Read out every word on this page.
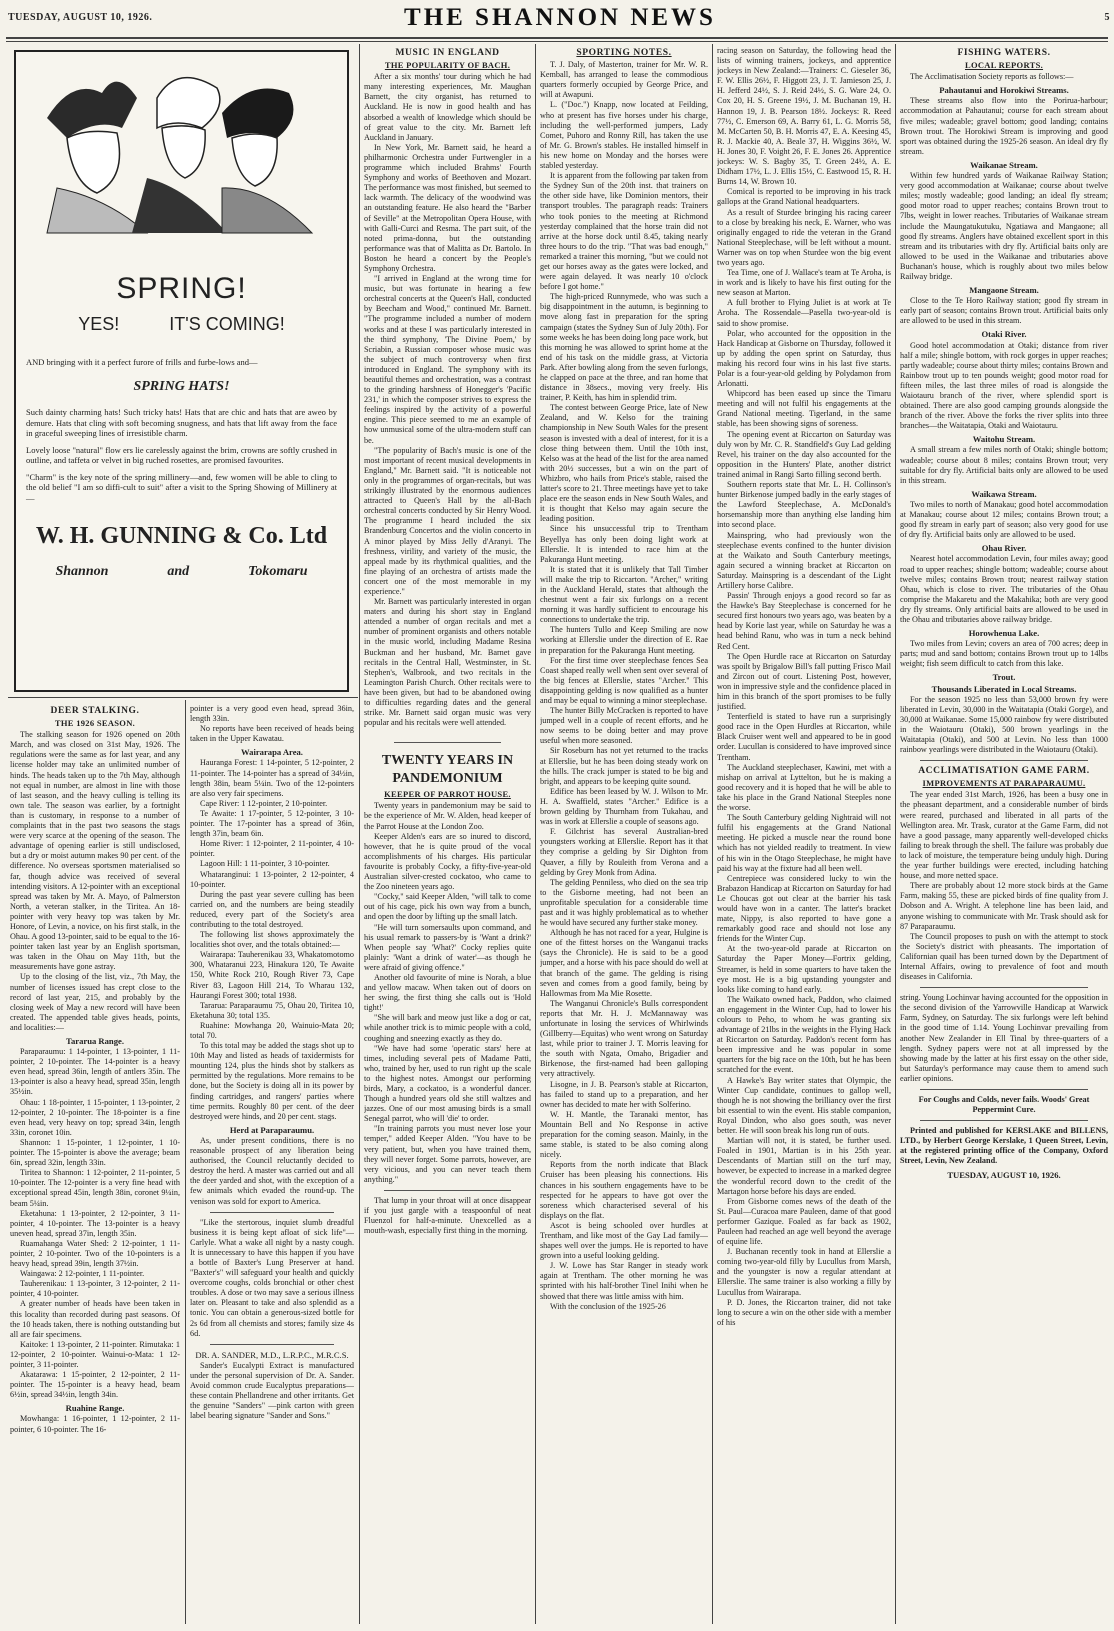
TUESDAY, AUGUST 10, 1926.	THE SHANNON NEWS	5
SPRING!
YES!	IT'S COMING!
AND bringing with it a perfect furore of frills and furbe-lows and—
SPRING HATS!
Such dainty charming hats! Such tricky hats! Hats that are chic and hats that are aweo by demure. Hats that cling with soft becoming snugness, and hats that lift away from the face in graceful sweeping lines of irresistible charm.
Lovely loose "natural" flow ers lie carelessly against the brim, crowns are softly crushed in outline, and taffeta or velvet in big ruched rosettes, are promised favourites.
"Charm" is the key note of the spring millinery—and, few women will be able to cling to the old belief "I am so diffi-cult to suit" after a visit to the Spring Showing of Millinery at—
W. H. GUNNING & Co. Ltd
Shannon	and	Tokomaru
DEER STALKING.
THE 1926 SEASON.

The stalking season for 1926 opened on 20th March, and was closed on 31st May, 1926. The regulations were the same as for last year, and any license holder may take an unlimited number of hinds. The heads taken up to the 7th May, although not equal in number, are almost in line with those of last season, and the heavy culling is telling its own tale. The season was earlier, by a fortnight than is customary, in response to a number of complaints that in the past two seasons the stags were very scarce at the opening of the season. The advantage of opening earlier is still undisclosed, but a dry or moist autumn makes 90 per cent. of the difference. No overseas sportsmen materialised so far, though advice was received of several intending visitors. A 12-pointer with an exceptional spread was taken by Mr. A. Mayo, of Palmerston North, a veteran stalker, in the Tiritea. An 18-pointer with very heavy top was taken by Mr. Honore, of Levin, a novice, on his first stalk, in the Ohau. A good 13-pointer, said to be equal to the 16-pointer taken last year by an English sportsman, was taken in the Ohau on May 11th, but the measurements have gone astray.

Up to the closing of the list, viz., 7th May, the number of licenses issued has crept close to the record of last year, 215, and probably by the closing week of May a new record will have been created. The appended table gives heads, points, and localities:—

Tararua Range.

Paraparaumu: 1 14-pointer, 1 13-pointer, 1 11-pointer, 2 10-pointer. The 14-pointer is a heavy even head, spread 36in, length of antlers 35in. The 13-pointer is also a heavy head, spread 35in, length 35½in.

Ohau: 1 18-pointer, 1 15-pointer, 1 13-pointer, 2 12-pointer, 2 10-pointer. The 18-pointer is a fine even head, very heavy on top; spread 34in, length 33in, coronet 10in.

Shannon: 1 15-pointer, 1 12-pointer, 1 10-pointer. The 15-pointer is above the average; beam 6in, spread 32in, length 33in.

Tiritea to Shannon: 1 12-pointer, 2 11-pointer, 5 10-pointer. The 12-pointer is a very fine head with exceptional spread 45in, length 38in, coronet 9¼in, beam 5¼in.

Eketahuna: 1 13-pointer, 2 12-pointer, 3 11-pointer, 4 10-pointer. The 13-pointer is a heavy uneven head, spread 37in, length 35in.

Ruamahanga Water Shed: 2 12-pointer, 1 11-pointer, 2 10-pointer. Two of the 10-pointers is a heavy head, spread 39in, length 37½in.

Waingawa: 2 12-pointer, 1 11-pointer.

Tauherenikau: 1 13-pointer, 3 12-pointer, 2 11-pointer, 4 10-pointer.

A greater number of heads have been taken in this locality than recorded during past seasons. Of the 10 heads taken, there is nothing outstanding but all are fair specimens.

Kaitoke: 1 13-pointer, 2 11-pointer. Rimutaka: 1 12-pointer, 2 10-pointer. Wainui-o-Mata: 1 12-pointer, 3 11-pointer.

Akatarawa: 1 15-pointer, 2 12-pointer, 2 11-pointer. The 15-pointer is a heavy head, beam 6½in, spread 34½in, length 34in.

Ruahine Range.

Mowhanga: 1 16-pointer, 1 12-pointer, 2 11-pointer, 6 10-pointer. The 16-

pointer is a very good even head, spread 36in, length 33in.

No reports have been received of heads being taken in the Upper Kawatau.

Wairarapa Area.

Hauranga Forest: 1 14-pointer, 5 12-pointer, 2 11-pointer. The 14-pointer has a spread of 34½in, length 38in, beam 5¼in. Two of the 12-pointers are also very fair specimens.

Cape River: 1 12-pointer, 2 10-pointer.

Te Awaite: 1 17-pointer, 5 12-pointer, 3 10-pointer. The 17-pointer has a spread of 36in, length 37in, beam 6in.

Home River: 1 12-pointer, 2 11-pointer, 4 10-pointer.

Lagoon Hill: 1 11-pointer, 3 10-pointer.

Whataranginui: 1 13-pointer, 2 12-pointer, 4 10-pointer.

During the past year severe culling has been carried on, and the numbers are being steadily reduced, every part of the Society's area contributing to the total destroyed.

The following list shows approximately the localities shot over, and the totals obtained:—

Wairarapa: Tauherenikau 33, Whakatomotomo 300, Whataranui 223, Hinakura 120, Te Awaite 150, White Rock 210, Rough River 73, Cape River 83, Lagoon Hill 214, To Wharau 132, Haurangi Forest 300; total 1938.

Tararua: Paraparaumu 75, Ohau 20, Tiritea 10, Eketahuna 30; total 135.

Ruahine: Mowhanga 20, Wainuio-Mata 20; total 70.

To this total may be added the stags shot up to 10th May and listed as heads of taxidermists for mounting 124, plus the hinds shot by stalkers as permitted by the regulations. More remains to be done, but the Society is doing all in its power by finding cartridges, and rangers' parties where time permits. Roughly 80 per cent. of the deer destroyed were hinds, and 20 per cent. stags.

Herd at Paraparaumu.

As, under present conditions, there is no reasonable prospect of any liberation being authorised, the Council reluctantly decided to destroy the herd. A master was carried out and all the deer yarded and shot, with the exception of a few animals which evaded the round-up. The venison was sold for export to America.

"Like the stertorous, inquiet slumb dreadful business it is being kept afloat of sick life"—Carlyle. What a wake all night by a nasty cough. It is unnecessary to have this happen if you have a bottle of Baxter's Lung Preserver at hand. "Baxter's" will safeguard your health and quickly overcome coughs, colds bronchial or other chest troubles. A dose or two may save a serious illness later on. Pleasant to take and also splendid as a tonic. You can obtain a generous-sized bottle for 2s 6d from all chemists and stores; family size 4s 6d.

DR. A. SANDER, M.D., L.R.P.C., M.R.C.S.

Sander's Eucalypti Extract is manufactured under the personal supervision of Dr. A. Sander. Avoid common crude Eucalyptus preparations—these contain Phellandrene and other irritants. Get the genuine "Sanders" —pink carton with green label bearing signature "Sander and Sons."

MUSIC IN ENGLAND
THE POPULARITY OF BACH.

After a six months' tour during which he had many interesting experiences, Mr. Maughan Barnett, the city organist, has returned to Auckland. He is now in good health and has absorbed a wealth of knowledge which should be of great value to the city. Mr. Barnett left Auckland in January.

In New York, Mr. Barnett said, he heard a philharmonic Orchestra under Furtwengler in a programme which included Brahms' Fourth Symphony and works of Beethoven and Mozart. The performance was most finished, but seemed to lack warmth. The delicacy of the woodwind was an outstanding feature. He also heard the "Barber of Seville" at the Metropolitan Opera House, with with Galli-Curci and Resma. The part suit, of the noted prima-donna, but the outstanding performance was that of Malitta as Dr. Bartolo. In Boston he heard a concert by the People's Symphony Orchestra.

"I arrived in England at the wrong time for music, but was fortunate in hearing a few orchestral concerts at the Queen's Hall, conducted by Beecham and Wood," continued Mr. Barnett. "The programme included a number of modern works and at these I was particularly interested in the third symphony, 'The Divine Poem,' by Scriabin, a Russian composer whose music was the subject of much controversy when first introduced in England. The symphony with its beautiful themes and orchestration, was a contrast to the grinding harshness of Honegger's 'Pacific 231,' in which the composer strives to express the feelings inspired by the activity of a powerful engine. This piece seemed to me an example of how unmusical some of the ultra-modern stuff can be.

"The popularity of Bach's music is one of the most important of recent musical developments in England," Mr. Barnett said. "It is noticeable not only in the programmes of organ-recitals, but was strikingly illustrated by the enormous audiences attracted to Queen's Hall by the all-Bach orchestral concerts conducted by Sir Henry Wood. The programme I heard included the six Brandenburg Concertos and the violin concerto in A minor played by Miss Jelly d'Aranyi. The freshness, virility, and variety of the music, the appeal made by its rhythmical qualities, and the fine playing of an orchestra of artists made the concert one of the most memorable in my experience."

Mr. Barnett was particularly interested in organ maters and during his short stay in England attended a number of organ recitals and met a number of prominent organists and others notable in the music world, including Madame Resina Buckman and her husband, Mr. Barnet gave recitals in the Central Hall, Westminster, in St. Stephen's, Walbrook, and two recitals in the Leamington Parish Church. Other recitals were to have been given, but had to be abandoned owing to difficulties regarding dates and the general strike. Mr. Barnett said organ music was very popular and his recitals were well attended.

TWENTY YEARS IN
PANDEMONIUM
KEEPER OF PARROT HOUSE.

Twenty years in pandemonium may be said to be the experience of Mr. W. Alden, head keeper of the Parrot House at the London Zoo.

Keeper Alden's ears are so inured to discord, however, that he is quite proud of the vocal accomplishments of his charges. His particular favourite is probably Cocky, a fifty-five-year-old Australian silver-crested cockatoo, who came to the Zoo nineteen years ago.

"Cocky," said Keeper Alden, "will talk to come out of his cage, pick his own way from a bunch, and open the door by lifting up the small latch.

"He will turn somersaults upon command, and his usual remark to passers-by is 'Want a drink?' When people say 'What?' Cocky replies quite plainly: 'Want a drink of water'—as though he were afraid of giving offence."

Another old favourite of mine is Norah, a blue and yellow macaw. When taken out of doors on her swing, the first thing she calls out is 'Hold tight!'

"She will bark and meow just like a dog or cat, while another trick is to mimic people with a cold, coughing and sneezing exactly as they do.

"We have had some 'operatic stars' here at times, including several pets of Madame Patti, who, trained by her, used to run right up the scale to the highest notes. Amongst our performing birds, Mary, a cockatoo, is a wonderful dancer. Though a hundred years old she still waltzes and jazzes. One of our most amusing birds is a small Senegal parrot, who will 'die' to order.

"In training parrots you must never lose your temper," added Keeper Alden. "You have to be very patient, but, when you have trained them, they will never forget. Some parrots, however, are very vicious, and you can never teach them anything."

That lump in your throat will at once disappear if you just gargle with a teaspoonful of neat Fluenzol for half-a-minute. Unexcelled as a mouth-wash, especially first thing in the morning.

SPORTING NOTES.

T. J. Daly, of Masterton, trainer for Mr. W. R. Kemball, has arranged to lease the commodious quarters formerly occupied by George Price, and will at Awapuni.

L. ("Doc.") Knapp, now located at Feilding, who at present has five horses under his charge, including the well-performed jumpers, Lady Comet, Puhoro and Ronny Rill, has taken the use of Mr. G. Brown's stables. He installed himself in his new home on Monday and the horses were stabled yesterday.

It is apparent from the following par taken from the Sydney Sun of the 20th inst. that trainers on the other side have, like Dominion mentors, their transport troubles. The paragraph reads: Trainers who took ponies to the meeting at Richmond yesterday complained that the horse train did not arrive at the horse dock until 8.45, taking nearly three hours to do the trip. "That was bad enough," remarked a trainer this morning, "but we could not get our horses away as the gates were locked, and were again delayed. It was nearly 10 o'clock before I got home."

The high-priced Runnymede, who was such a big disappointment in the autumn, is beginning to move along fast in preparation for the spring campaign (states the Sydney Sun of July 20th). For some weeks he has been doing long pace work, but this morning he was allowed to sprint home at the end of his task on the middle grass, at Victoria Park. After bowling along from the seven furlongs, he clapped on pace at the three, and ran home that distance in 38secs., moving very freely. His trainer, P. Keith, has him in splendid trim.

The contest between George Price, late of New Zealand, and W. Kelso for the training championship in New South Wales for the present season is invested with a deal of interest, for it is a close thing between them. Until the 10th inst, Kelso was at the head of the list for the area named with 20½ successes, but a win on the part of Whizbro, who hails from Price's stable, raised the latter's score to 21. Three meetings have yet to take place ere the season ends in New South Wales, and it is thought that Kelso may again secure the leading position.

Since his unsuccessful trip to Trentham Beyellya has only been doing light work at Ellerslie. It is intended to race him at the Pakuranga Hunt meeting.

It is stated that it is unlikely that Tall Timber will make the trip to Riccarton. "Archer," writing in the Auckland Herald, states that although the chestnut went a fair six furlongs on a recent morning it was hardly sufficient to encourage his connections to undertake the trip.

The hunters Tullo and Keep Smiling are now working at Ellerslie under the direction of E. Rae in preparation for the Pakuranga Hunt meeting.

For the first time over steeplechase fences Sea Coast shaped really well when sent over several of the big fences at Ellerslie, states "Archer." This disappointing gelding is now qualified as a hunter and may be equal to winning a minor steeplechase.

The hunter Billy McCracken is reported to have jumped well in a couple of recent efforts, and he now seems to be doing better and may prove useful when more seasoned.

Sir Roseburn has not yet returned to the tracks at Ellerslie, but he has been doing steady work on the hills. The crack jumper is stated to be big and bright, and appears to be keeping quite sound.

Edifice has been leased by W. J. Wilson to Mr. H. A. Swaffield, states "Archer." Edifice is a brown gelding by Thurnham from Tukahau, and was in work at Ellerslie a couple of seasons ago.

F. Gilchrist has several Australian-bred youngsters working at Ellerslie. Report has it that they comprise a gelding by Sir Dighton from Quaver, a filly by Rouleith from Verona and a gelding by Grey Monk from Adina.

The gelding Penniless, who died on the sea trip to the Gisborne meeting, had not been an unprofitable speculation for a considerable time past and it was highly problematical as to whether he would have secured any further stake money.

Although he has not raced for a year, Hulgine is one of the fittest horses on the Wanganui tracks (says the Chronicle). He is said to be a good jumper, and a horse with his pace should do well at that branch of the game. The gelding is rising seven and comes from a good family, being by Hallowmas from Ma Mie Rosette.

The Wanganui Chronicle's Bulls correspondent reports that Mr. H. J. McMannaway was unfortunate in losing the services of Whirlwinds (Gillberry—Equitas) who went wrong on Saturday last, while prior to trainer J. T. Morris leaving for the south with Ngata, Omaho, Brigadier and Birkenose, the first-named had been galloping very attractively.

Lisogne, in J. B. Pearson's stable at Riccarton, has failed to stand up to a preparation, and her owner has decided to mate her with Solferino.

W. H. Mantle, the Taranaki mentor, has Mountain Bell and No Response in active preparation for the coming season. Mainly, in the same stable, is stated to be also coming along nicely.

Reports from the north indicate that Black Cruiser has been pleasing his connections. His chances in his southern engagements have to be respected for he appears to have got over the soreness which characterised several of his displays on the flat.

Ascot is being schooled over hurdles at Trentham, and like most of the Gay Lad family—shapes well over the jumps. He is reported to have grown into a useful looking gelding.

J. W. Lowe has Star Ranger in steady work again at Trentham. The other morning he was sprinted with his half-brother Tinel Inihi when he showed that there was little amiss with him.

With the conclusion of the 1925-26

racing season on Saturday, the following head the lists of winning trainers, jockeys, and apprentice jockeys in New Zealand:—Trainers: C. Gieseler 36, F. W. Ellis 26½, F. Higgott 23, J. T. Jamieson 25, J. H. Jefferd 24½, S. J. Reid 24½, S. G. Ware 24, O. Cox 20, H. S. Greene 19½, J. M. Buchanan 19, H. Hannon 19, J. B. Pearson 18½. Jockeys: R. Reed 77½, C. Emerson 69, A. Barry 61, L. G. Morris 58, M. McCarten 50, B. H. Morris 47, E. A. Keesing 45, R. J. Mackie 40, A. Beale 37, H. Wiggins 36½, W. H. Jones 30, F. Voight 26, F. E. Jones 26. Apprentice jockeys: W. S. Bagby 35, T. Green 24½, A. E. Didham 17½, L. J. Ellis 15½, C. Eastwood 15, R. H. Burns 14, W. Brown 10.

Comical is reported to be improving in his track gallops at the Grand National headquarters.

As a result of Sturdee bringing his racing career to a close by breaking his neck, E. Warner, who was originally engaged to ride the veteran in the Grand National Steeplechase, will be left without a mount. Warner was on top when Sturdee won the big event two years ago.

Tea Time, one of J. Wallace's team at Te Aroha, is in work and is likely to have his first outing for the new season at Marton.

A full brother to Flying Juliet is at work at Te Aroha. The Rossendale—Pasella two-year-old is said to show promise.

Polar, who accounted for the opposition in the Hack Handicap at Gisborne on Thursday, followed it up by adding the open sprint on Saturday, thus making his record four wins in his last five starts. Polar is a four-year-old gelding by Polydamon from Arlonatti.

Whipcord has been eased up since the Timaru meeting and will not fulfil his engagements at the Grand National meeting. Tigerland, in the same stable, has been showing signs of soreness.

The opening event at Riccarton on Saturday was duly won by Mr. C. R. Standfield's Guy Lad gelding Revel, his trainer on the day also accounted for the opposition in the Hunters' Plate, another district trained animal in Rangi Sarto filling second berth.

Southern reports state that Mr. L. H. Collinson's hunter Birkenose jumped badly in the early stages of the Lawford Steeplechase, A. McDonald's horsemanship more than anything else landing him into second place.

Mainspring, who had previously won the steeplechase events confined to the hunter division at the Waikato and South Canterbury meetings, again secured a winning bracket at Riccarton on Saturday. Mainspring is a descendant of the Light Artillery horse Calibre.

Passin' Through enjoys a good record so far as the Hawke's Bay Steeplechase is concerned for he secured first honours two years ago, was beaten by a head by Korie last year, while on Saturday he was a head behind Ranu, who was in turn a neck behind Red Cent.

The Open Hurdle race at Riccarton on Saturday was spoilt by Brigalow Bill's fall putting Frisco Mail and Zircon out of court. Listening Post, however, won in impressive style and the confidence placed in him in this branch of the sport promises to be fully justified.

Tenterfield is stated to have run a surprisingly good race in the Open Hurdles at Riccarton, while Black Cruiser went well and appeared to be in good order. Lucullan is considered to have improved since Trentham.

The Auckland steeplechaser, Kawini, met with a mishap on arrival at Lyttelton, but he is making a good recovery and it is hoped that he will be able to take his place in the Grand National Steeples none the worse.

The South Canterbury gelding Nightraid will not fulfil his engagements at the Grand National meeting. He picked a muscle near the round bone which has not yielded readily to treatment. In view of his win in the Otago Steeplechase, he might have paid his way at the fixture had all been well.

Centrepiece was considered lucky to win the Brabazon Handicap at Riccarton on Saturday for had Le Choucas got out clear at the barrier his task would have won in a canter. The latter's bracket mate, Nippy, is also reported to have gone a remarkably good race and should not lose any friends for the Winter Cup.

At the two-year-old parade at Riccarton on Saturday the Paper Money—Fortrix gelding, Streamer, is held in some quarters to have taken the eye most. He is a big upstanding youngster and looks like coming to hand early.

The Waikato owned hack, Paddon, who claimed an engagement in the Winter Cup, had to lower his colours to Peho, to whom he was granting six advantage of 21lbs in the weights in the Flying Hack at Riccarton on Saturday. Paddon's recent form has been impressive and he was popular in some quarters for the big race on the 10th, but he has been scratched for the event.

A Hawke's Bay writer states that Olympic, the Winter Cup candidate, continues to gallop well, though he is not showing the brilliancy over the first bit essential to win the event. His stable companion, Royal Dindon, who also goes south, was never better. He will soon break his long run of outs.

Martian will not, it is stated, be further used. Foaled in 1901, Martian is in his 25th year. Descendants of Martian still on the turf may, however, be expected to increase in a marked degree the wonderful record down to the credit of the Martagon horse before his days are ended.

From Gisborne comes news of the death of the St. Paul—Curacoa mare Pauleen, dame of that good performer Gazique. Foaled as far back as 1902, Pauleen had reached an age well beyond the average of equine life.

J. Buchanan recently took in hand at Ellerslie a coming two-year-old filly by Lucullus from Marsh, and the youngster is now a regular attendant at Ellerslie. The same trainer is also working a filly by Lucullus from Wairarapa.

P. D. Jones, the Riccarton trainer, did not take long to secure a win on the other side with a member of his

FISHING WATERS.
LOCAL REPORTS.

The Acclimatisation Society reports as follows:—

Pahautanui and Horokiwi Streams.

These streams also flow into the Porirua-harbour; accommodation at Pahautanui; course for each stream about five miles; wadeable; gravel bottom; good landing; contains Brown trout. The Horokiwi Stream is improving and good sport was obtained during the 1925-26 season. An ideal dry fly stream.

Waikanae Stream.

Within few hundred yards of Waikanae Railway Station; very good accommodation at Waikanae; course about twelve miles; mostly wadeable; good landing; an ideal fly stream; good motor road to upper reaches; contains Brown trout to 7lbs, weight in lower reaches. Tributaries of Waikanae stream include the Maungatukutuku, Ngatiawa and Mangaone; all good fly streams. Anglers have obtained excellent sport in this stream and its tributaries with dry fly. Artificial baits only are allowed to be used in the Waikanae and tributaries above Buchanan's house, which is roughly about two miles below Railway bridge.

Mangaone Stream.

Close to the Te Horo Railway station; good fly stream in early part of season; contains Brown trout. Artificial baits only are allowed to be used in this stream.

Otaki River.

Good hotel accommodation at Otaki; distance from river half a mile; shingle bottom, with rock gorges in upper reaches; partly wadeable; course about thirty miles; contains Brown and Rainbow trout up to ten pounds weight; good motor road for fifteen miles, the last three miles of road is alongside the Waiotauru branch of the river, where splendid sport is obtained. There are also good camping grounds alongside the branch of the river. Above the forks the river splits into three branches—the Waitatapia, Otaki and Waiotauru.

Waitohu Stream.

A small stream a few miles north of Otaki; shingle bottom; wadeable; course about 8 miles; contains Brown trout; very suitable for dry fly. Artificial baits only are allowed to be used in this stream.

Waikawa Stream.

Two miles to north of Manakau; good hotel accommodation at Manakau; course about 12 miles; contains Brown trout; a good fly stream in early part of season; also very good for use of dry fly. Artificial baits only are allowed to be used.

Ohau River.

Nearest hotel accommodation Levin, four miles away; good road to upper reaches; shingle bottom; wadeable; course about twelve miles; contains Brown trout; nearest railway station Ohau, which is close to river. The tributaries of the Ohau comprise the Makaretu and the Makahika; both are very good dry fly streams. Only artificial baits are allowed to be used in the Ohau and tributaries above railway bridge.

Horowhenua Lake.

Two miles from Levin; covers an area of 700 acres; deep in parts; mud and sand bottom; contains Brown trout up to 14lbs weight; fish seem difficult to catch from this lake.

Trout.
Thousands Liberated in Local Streams.

For the season 1925 no less than 53,000 brown fry were liberated in Levin, 30,000 in the Waitatapia (Otaki Gorge), and 30,000 at Waikanae. Some 15,000 rainbow fry were distributed in the Waiotauru (Otaki), 500 brown yearlings in the Waitatapia (Otaki), and 500 at Levin. No less than 1000 rainbow yearlings were distributed in the Waiotauru (Otaki).

ACCLIMATISATION GAME FARM.
IMPROVEMENTS AT PARAPARAUMU.

The year ended 31st March, 1926, has been a busy one in the pheasant department, and a considerable number of birds were reared, purchased and liberated in all parts of the Wellington area. Mr. Trask, curator at the Game Farm, did not have a good passage, many apparently well-developed chicks failing to break through the shell. The failure was probably due to lack of moisture, the temperature being unduly high. During the year further buildings were erected, including hatching house, and more netted space.

There are probably about 12 more stock birds at the Game Farm, making 55, these are picked birds of fine quality from J. Dobson and A. Wright. A telephone line has been laid, and anyone wishing to communicate with Mr. Trask should ask for 87 Paraparaumu.

The Council proposes to push on with the attempt to stock the Society's district with pheasants. The importation of Californian quail has been turned down by the Department of Internal Affairs, owing to prevalence of foot and mouth diseases in California.

string. Young Lochinvar having accounted for the opposition in the second division of the Yarrowville Handicap at Warwick Farm, Sydney, on Saturday. The six furlongs were left behind in the good time of 1.14. Young Lochinvar prevailing from another New Zealander in Ell Tinal by three-quarters of a length. Sydney papers were not at all impressed by the showing made by the latter at his first essay on the other side, but Saturday's performance may cause them to amend such earlier opinions.

For Coughs and Colds, never fails. Woods' Great Peppermint Cure.

Printed and published for KERSLAKE and BILLENS, LTD., by Herbert George Kerslake, 1 Queen Street, Levin, at the registered printing office of the Company, Oxford Street, Levin, New Zealand.

TUESDAY, AUGUST 10, 1926.
